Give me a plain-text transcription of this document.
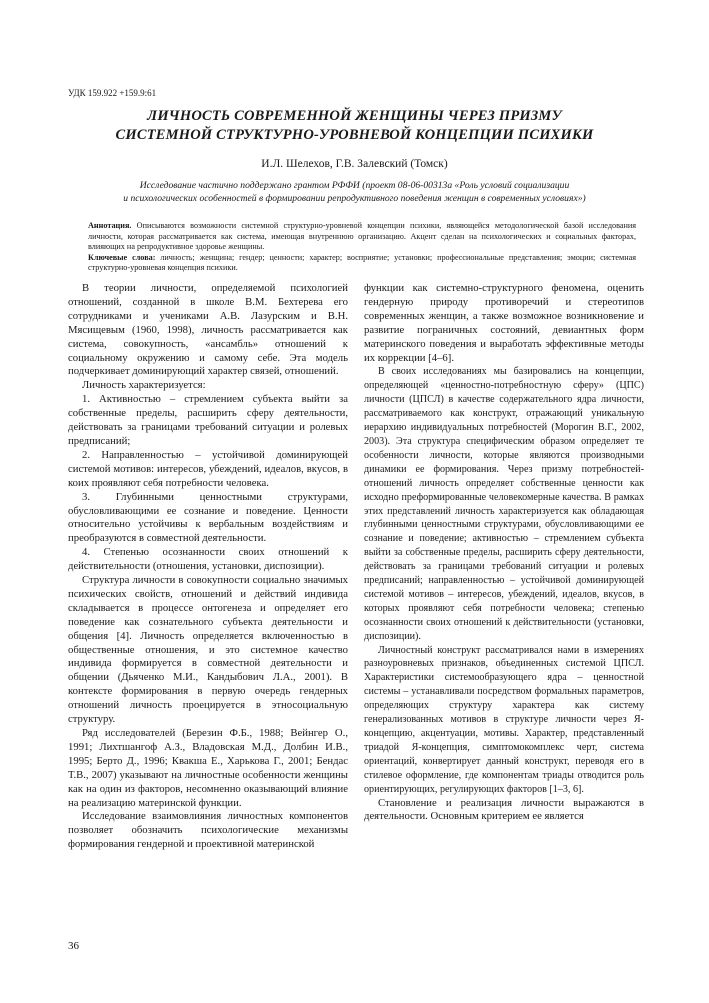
УДК 159.922 +159.9:61
ЛИЧНОСТЬ СОВРЕМЕННОЙ ЖЕНЩИНЫ ЧЕРЕЗ ПРИЗМУ
СИСТЕМНОЙ СТРУКТУРНО-УРОВНЕВОЙ КОНЦЕПЦИИ ПСИХИКИ
И.Л. Шелехов, Г.В. Залевский (Томск)
Исследование частично поддержано грантом РФФИ (проект 08-06-00313а «Роль условий социализации
и психологических особенностей в формировании репродуктивного поведения женщин в современных условиях»)
Аннотация. Описываются возможности системной структурно-уровневой концепции психики, являющейся методологической базой исследования личности, которая рассматривается как система, имеющая внутреннюю организацию. Акцент сделан на психологических и социальных факторах, влияющих на репродуктивное здоровье женщины.
Ключевые слова: личность; женщина; гендер; ценности; характер; восприятие; установки; профессиональные представления; эмоции; системная структурно-уровневая концепция психики.

В теории личности, определяемой психологией отношений, созданной в школе В.М. Бехтерева его сотрудниками и учениками А.В. Лазурским и В.Н. Мясищевым (1960, 1998), личность рассматривается как система, совокупность, «ансамбль» отношений к социальному окружению и самому себе. Эта модель подчеркивает доминирующий характер связей, отношений.

Личность характеризуется:

1. Активностью – стремлением субъекта выйти за собственные пределы, расширить сферу деятельности, действовать за границами требований ситуации и ролевых предписаний;

2. Направленностью – устойчивой доминирующей системой мотивов: интересов, убеждений, идеалов, вкусов, в коих проявляют себя потребности человека.

3. Глубинными ценностными структурами, обусловливающими ее сознание и поведение. Ценности относительно устойчивы к вербальным воздействиям и преобразуются в совместной деятельности.

4. Степенью осознанности своих отношений к действительности (отношения, установки, диспозиции).

Структура личности в совокупности социально значимых психических свойств, отношений и действий индивида складывается в процессе онтогенеза и определяет его поведение как сознательного субъекта деятельности и общения [4]. Личность определяется включенностью в общественные отношения, и это системное качество индивида формируется в совместной деятельности и общении (Дьяченко М.И., Кандыбович Л.А., 2001). В контексте формирования в первую очередь гендерных отношений личность проецируется в этносоциальную структуру.

Ряд исследователей (Березин Ф.Б., 1988; Вейнгер О., 1991; Лихтшангоф А.З., Владовская М.Д., Долбин И.В., 1995; Берто Д., 1996; Квакша Е., Харькова Г., 2001; Бендас Т.В., 2007) указывают на личностные особенности женщины как на один из факторов, несомненно оказывающий влияние на реализацию материнской функции.

Исследование взаимовлияния личностных компонентов позволяет обозначить психологические механизмы формирования гендерной и проективной материнской

функции как системно-структурного феномена, оценить гендерную природу противоречий и стереотипов современных женщин, а также возможное возникновение и развитие пограничных состояний, девиантных форм материнского поведения и выработать эффективные методы их коррекции [4–6].

В своих исследованиях мы базировались на концепции, определяющей «ценностно-потребностную сферу» (ЦПС) личности (ЦПСЛ) в качестве содержательного ядра личности, рассматриваемого как конструкт, отражающий уникальную иерархию индивидуальных потребностей (Морогин В.Г., 2002, 2003). Эта структура специфическим образом определяет те особенности личности, которые являются производными динамики ее формирования. Через призму потребностей-отношений личность определяет собственные ценности как исходно преформированные человекомерные качества. В рамках этих представлений личность характеризуется как обладающая глубинными ценностными структурами, обусловливающими ее сознание и поведение; активностью – стремлением субъекта выйти за собственные пределы, расширить сферу деятельности, действовать за границами требований ситуации и ролевых предписаний; направленностью – устойчивой доминирующей системой мотивов – интересов, убеждений, идеалов, вкусов, в которых проявляют себя потребности человека; степенью осознанности своих отношений к действительности (установки, диспозиции).

Личностный конструкт рассматривался нами в измерениях разноуровневых признаков, объединенных системой ЦПСЛ. Характеристики системообразующего ядра – ценностной системы – устанавливали посредством формальных параметров, определяющих структуру характера как систему генерализованных мотивов в структуре личности через Я-концепцию, акцентуации, мотивы. Характер, представленный триадой Я-концепция, симптомокомплекс черт, система ориентаций, конвертирует данный конструкт, переводя его в стилевое оформление, где компонентам триады отводится роль ориентирующих, регулирующих факторов [1–3, 6].

Становление и реализация личности выражаются в деятельности. Основным критерием ее является

36
